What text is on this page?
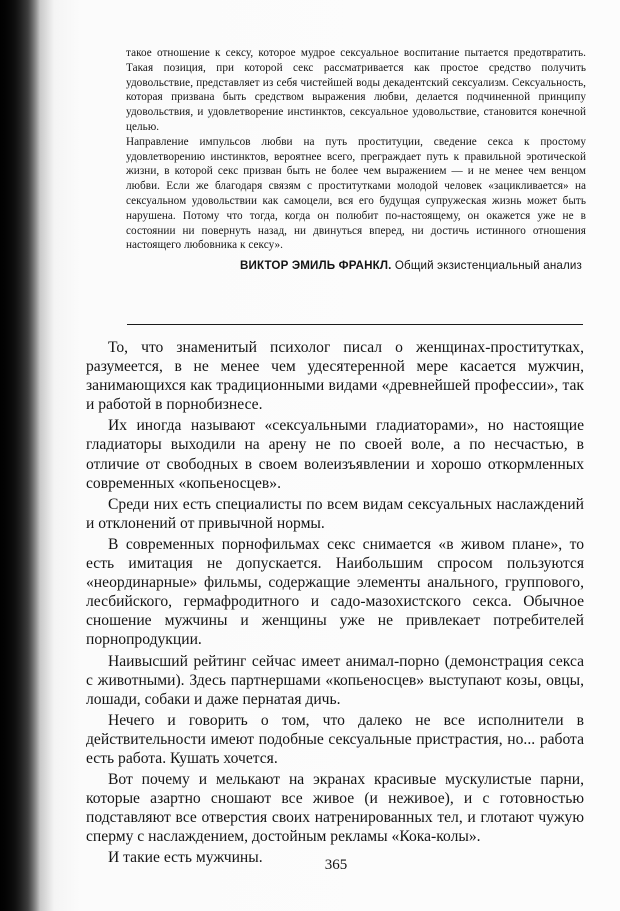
такое отношение к сексу, которое мудрое сексуальное воспитание пытается предотвратить. Такая позиция, при которой секс рассматривается как простое средство получить удовольствие, представляет из себя чистейшей воды декадентский сексуализм. Сексуальность, которая призвана быть средством выражения любви, делается подчиненной принципу удовольствия, и удовлетворение инстинктов, сексуальное удовольствие, становится конечной целью.

Направление импульсов любви на путь проституции, сведение секса к простому удовлетворению инстинктов, вероятнее всего, преграждает путь к правильной эротической жизни, в которой секс призван быть не более чем выражением — и не менее чем венцом любви. Если же благодаря связям с проститутками молодой человек «зацикливается» на сексуальном удовольствии как самоцели, вся его будущая супружеская жизнь может быть нарушена. Потому что тогда, когда он полюбит по-настоящему, он окажется уже не в состоянии ни повернуть назад, ни двинуться вперед, ни достичь истинного отношения настоящего любовника к сексу».

ВИКТОР ЭМИЛЬ ФРАНКЛ. Общий экзистенциальный анализ

То, что знаменитый психолог писал о женщинах-проститутках, разумеется, в не менее чем удесятеренной мере касается мужчин, занимающихся как традиционными видами «древнейшей профессии», так и работой в порнобизнесе.

Их иногда называют «сексуальными гладиаторами», но настоящие гладиаторы выходили на арену не по своей воле, а по несчастью, в отличие от свободных в своем волеизъявлении и хорошо откормленных современных «копьеносцев».

Среди них есть специалисты по всем видам сексуальных наслаждений и отклонений от привычной нормы.

В современных порнофильмах секс снимается «в живом плане», то есть имитация не допускается. Наибольшим спросом пользуются «неординарные» фильмы, содержащие элементы анального, группового, лесбийского, гермафродитного и садо-мазохистского секса. Обычное сношение мужчины и женщины уже не привлекает потребителей порнопродукции.

Наивысший рейтинг сейчас имеет анимал-порно (демонстрация секса с животными). Здесь партнершами «копьеносцев» выступают козы, овцы, лошади, собаки и даже пернатая дичь.

Нечего и говорить о том, что далеко не все исполнители в действительности имеют подобные сексуальные пристрастия, но... работа есть работа. Кушать хочется.

Вот почему и мелькают на экранах красивые мускулистые парни, которые азартно сношают все живое (и неживое), и с готовностью подставляют все отверстия своих натренированных тел, и глотают чужую сперму с наслаждением, достойным рекламы «Кока-колы».

И такие есть мужчины.	365
